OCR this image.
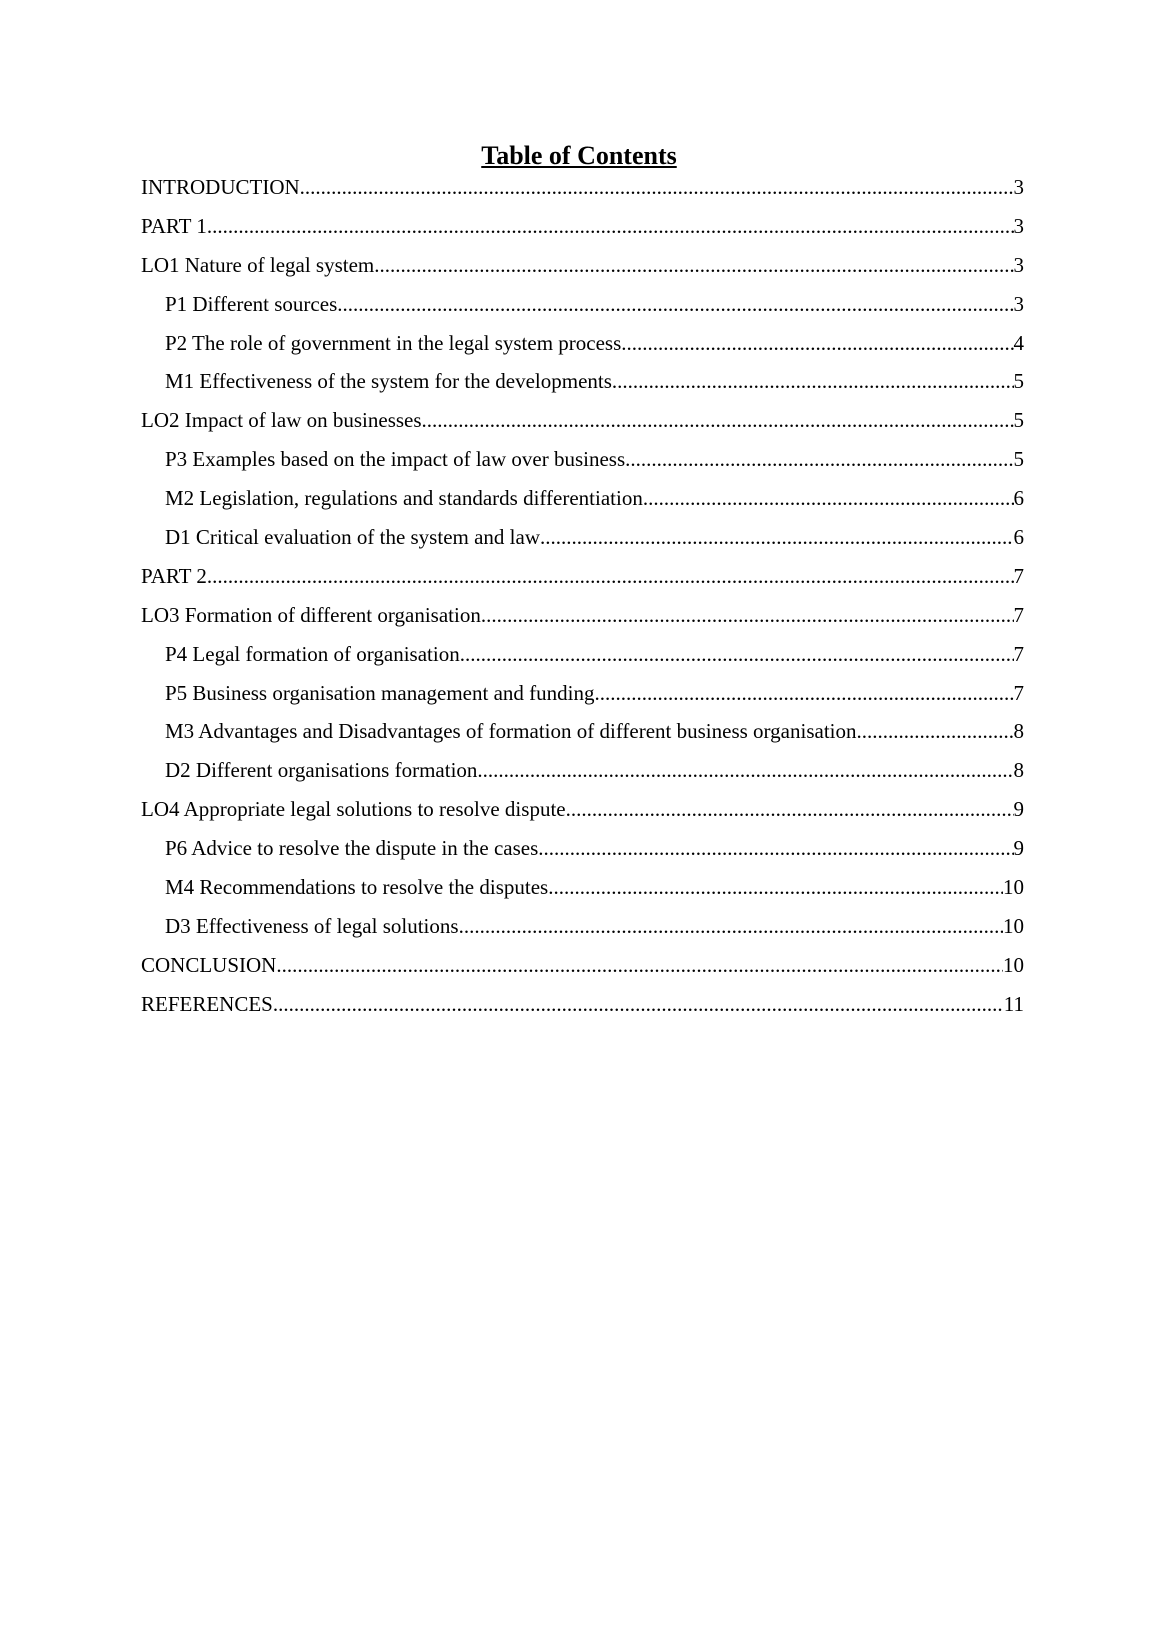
Table of Contents
INTRODUCTION .....	3
PART 1 .....	3
LO1 Nature of legal system .....	3
P1 Different sources .....	3
P2 The role of government in the legal system process .....	4
M1 Effectiveness of the system for the developments .....	5
LO2 Impact of law on businesses .....	5
P3 Examples based on the impact of law over business .....	5
M2 Legislation, regulations and standards differentiation .....	6
D1 Critical evaluation of the system and law .....	6
PART 2 .....	7
LO3 Formation of different organisation .....	7
P4 Legal formation of organisation .....	7
P5 Business organisation management and funding .....	7
M3 Advantages and Disadvantages of formation of different business organisation .....	8
D2 Different organisations formation .....	8
LO4 Appropriate legal solutions to resolve dispute .....	9
P6 Advice to resolve the dispute in the cases .....	9
M4 Recommendations to resolve the disputes .....	10
D3 Effectiveness of legal solutions .....	10
CONCLUSION .....	10
REFERENCES .....	11
